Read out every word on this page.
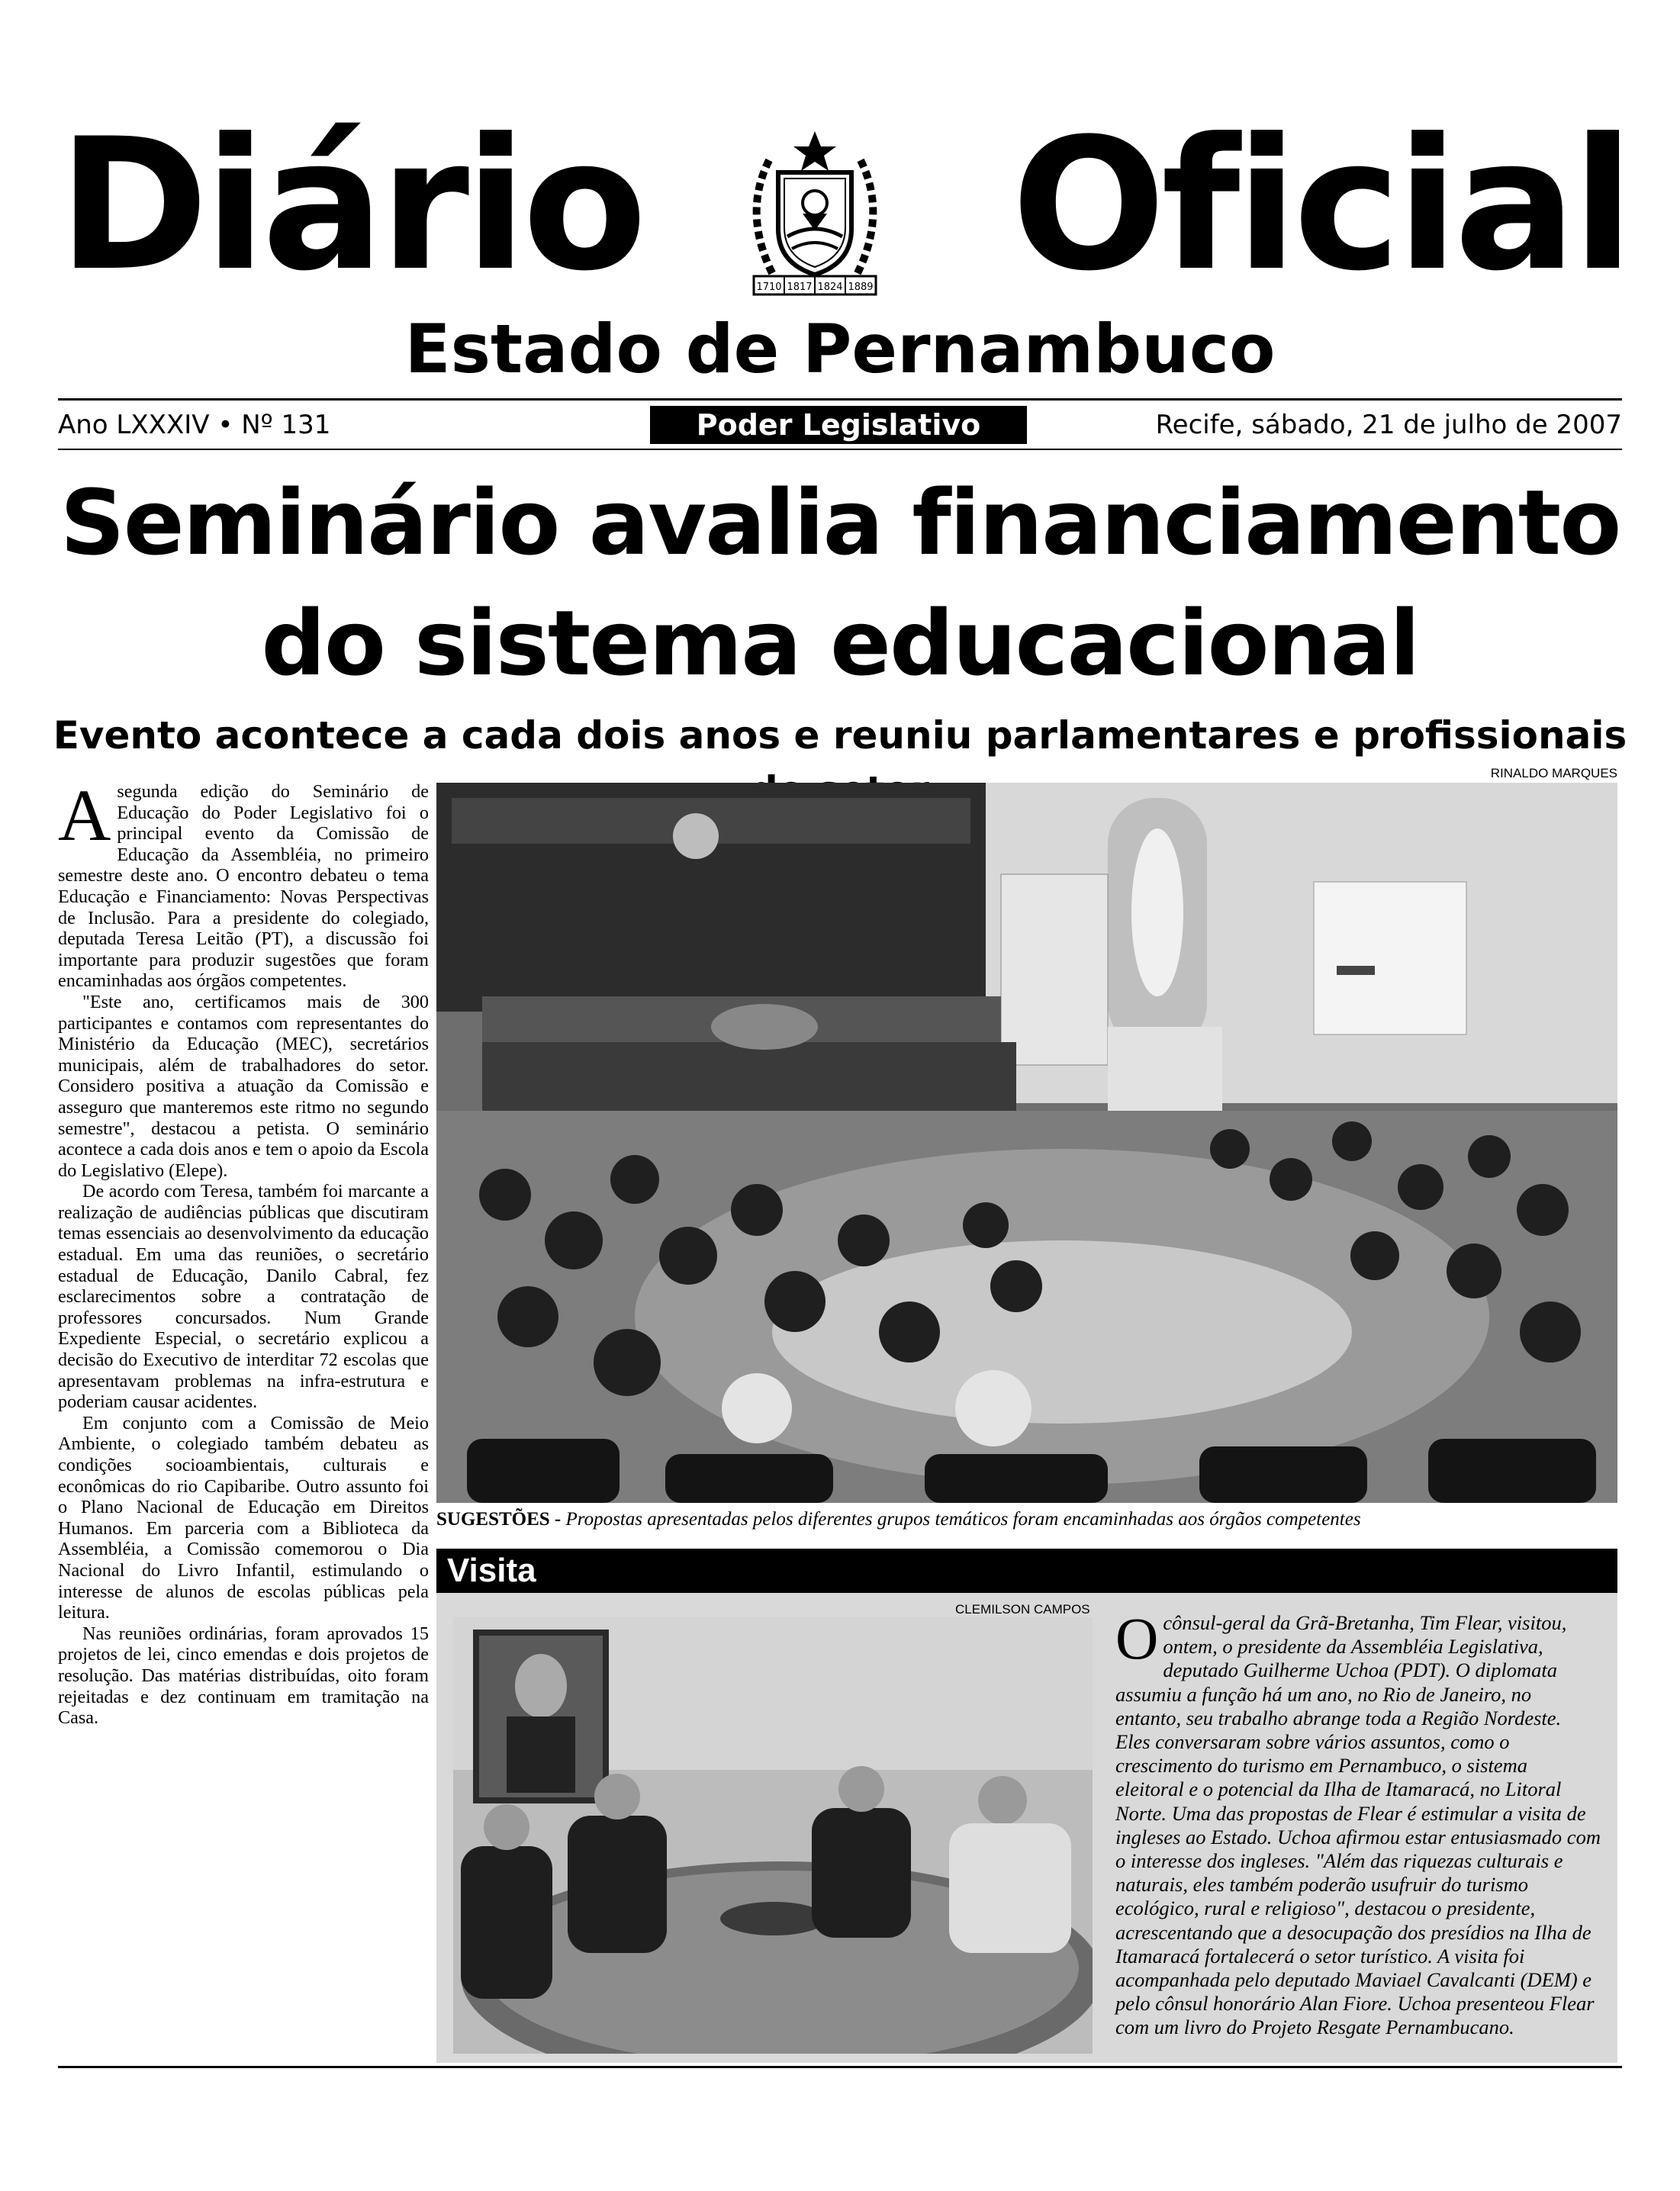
Diário	Oficial
1710 1817 1824 1889
Estado de Pernambuco
Ano LXXXIV • Nº 131	Poder Legislativo	Recife, sábado, 21 de julho de 2007
Seminário avalia financiamento do sistema educacional
Evento acontece a cada dois anos e reuniu parlamentares e profissionais

Asegunda edição do Seminário de Educação do Poder Legislativo foi o principal evento da Comissão de Educação da Assembléia, no primeiro semestre deste ano. O encontro debateu o tema Educação e Financiamento: Novas Perspectivas de Inclusão. Para a presidente do colegiado, deputada Teresa Leitão (PT), a discussão foi importante para produzir sugestões que foram encaminhadas aos órgãos competentes.

"Este ano, certificamos mais de 300 participantes e contamos com representantes do Ministério da Educação (MEC), secretários municipais, além de trabalhadores do setor. Considero positiva a atuação da Comissão e asseguro que manteremos este ritmo no segundo semestre", destacou a petista. O seminário acontece a cada dois anos e tem o apoio da Escola do Legislativo (Elepe).

De acordo com Teresa, também foi marcante a realização de audiências públicas que discutiram temas essenciais ao desenvolvimento da educação estadual. Em uma das reuniões, o secretário estadual de Educação, Danilo Cabral, fez esclarecimentos sobre a contratação de professores concursados. Num Grande Expediente Especial, o secretário explicou a decisão do Executivo de interditar 72 escolas que apresentavam problemas na infra-estrutura e poderiam causar acidentes.

Em conjunto com a Comissão de Meio Ambiente, o colegiado também debateu as condições socioambientais, culturais e econômicas do rio Capibaribe. Outro assunto foi o Plano Nacional de Educação em Direitos Humanos. Em parceria com a Biblioteca da Assembléia, a Comissão comemorou o Dia Nacional do Livro Infantil, estimulando o interesse de alunos de escolas públicas pela leitura.

Nas reuniões ordinárias, foram aprovados 15 projetos de lei, cinco emendas e dois projetos de resolução. Das matérias distribuídas, oito foram rejeitadas e dez continuam em tramitação na Casa.

RINALDO MARQUES
SUGESTÕES - Propostas apresentadas pelos diferentes grupos temáticos foram encaminhadas aos órgãos competentes
Visita
CLEMILSON CAMPOS Ocônsul-geral da Grã-Bretanha, Tim Flear, visitou, ontem, o presidente da Assembléia Legislativa, deputado Guilherme Uchoa (PDT). O diplomata assumiu a função há um ano, no Rio de Janeiro, no entanto, seu trabalho abrange toda a Região Nordeste. Eles conversaram sobre vários assuntos, como o crescimento do turismo em Pernambuco, o sistema eleitoral e o potencial da Ilha de Itamaracá, no Litoral Norte. Uma das propostas de Flear é estimular a visita de ingleses ao Estado. Uchoa afirmou estar entusiasmado com o interesse dos ingleses. "Além das riquezas culturais e naturais, eles também poderão usufruir do turismo ecológico, rural e religioso", destacou o presidente, acrescentando que a desocupação dos presídios na Ilha de Itamaracá fortalecerá o setor turístico. A visita foi acompanhada pelo deputado Maviael Cavalcanti (DEM) e pelo cônsul honorário Alan Fiore. Uchoa presenteou Flear com um livro do Projeto Resgate Pernambucano.
